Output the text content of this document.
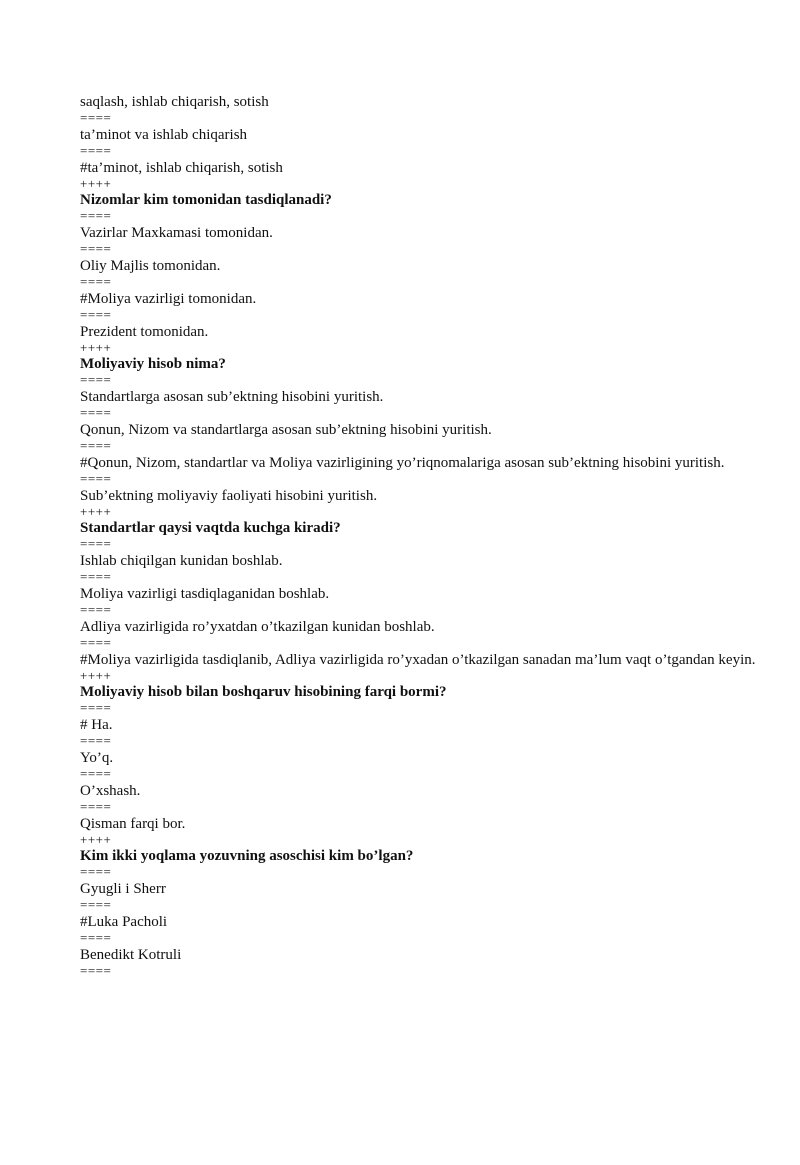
saqlash, ishlab chiqarish, sotish
====
ta’minot va ishlab chiqarish
====
#ta’minot, ishlab chiqarish, sotish
++++
Nizomlar kim tomonidan tasdiqlanadi?
====
Vazirlar Maxkamasi tomonidan.
====
Oliy Majlis tomonidan.
====
#Moliya vazirligi tomonidan.
====
Prezident tomonidan.
++++
Moliyaviy hisob nima?
====
Standartlarga asosan sub’ektning hisobini yuritish.
====
Qonun, Nizom va standartlarga asosan sub’ektning hisobini yuritish.
====
#Qonun, Nizom, standartlar va Moliya vazirligining yo’riqnomalariga asosan sub’ektning hisobini yuritish.
====
Sub’ektning moliyaviy faoliyati hisobini yuritish.
++++
Standartlar qaysi vaqtda kuchga kiradi?
====
Ishlab chiqilgan kunidan boshlab.
====
Moliya vazirligi tasdiqlaganidan boshlab.
====
Adliya vazirligida ro’yxatdan o’tkazilgan kunidan boshlab.
====
#Moliya vazirligida tasdiqlanib, Adliya vazirligida ro’yxadan o’tkazilgan sanadan ma’lum vaqt o’tgandan keyin.
++++
Moliyaviy hisob bilan boshqaruv hisobining farqi bormi?
====
# Ha.
====
Yo’q.
====
O’xshash.
====
Qisman farqi bor.
++++
Kim ikki yoqlama yozuvning asoschisi kim bo’lgan?
====
Gyugli i Sherr
====
#Luka Pacholi
====
Benedikt Kotruli
====
